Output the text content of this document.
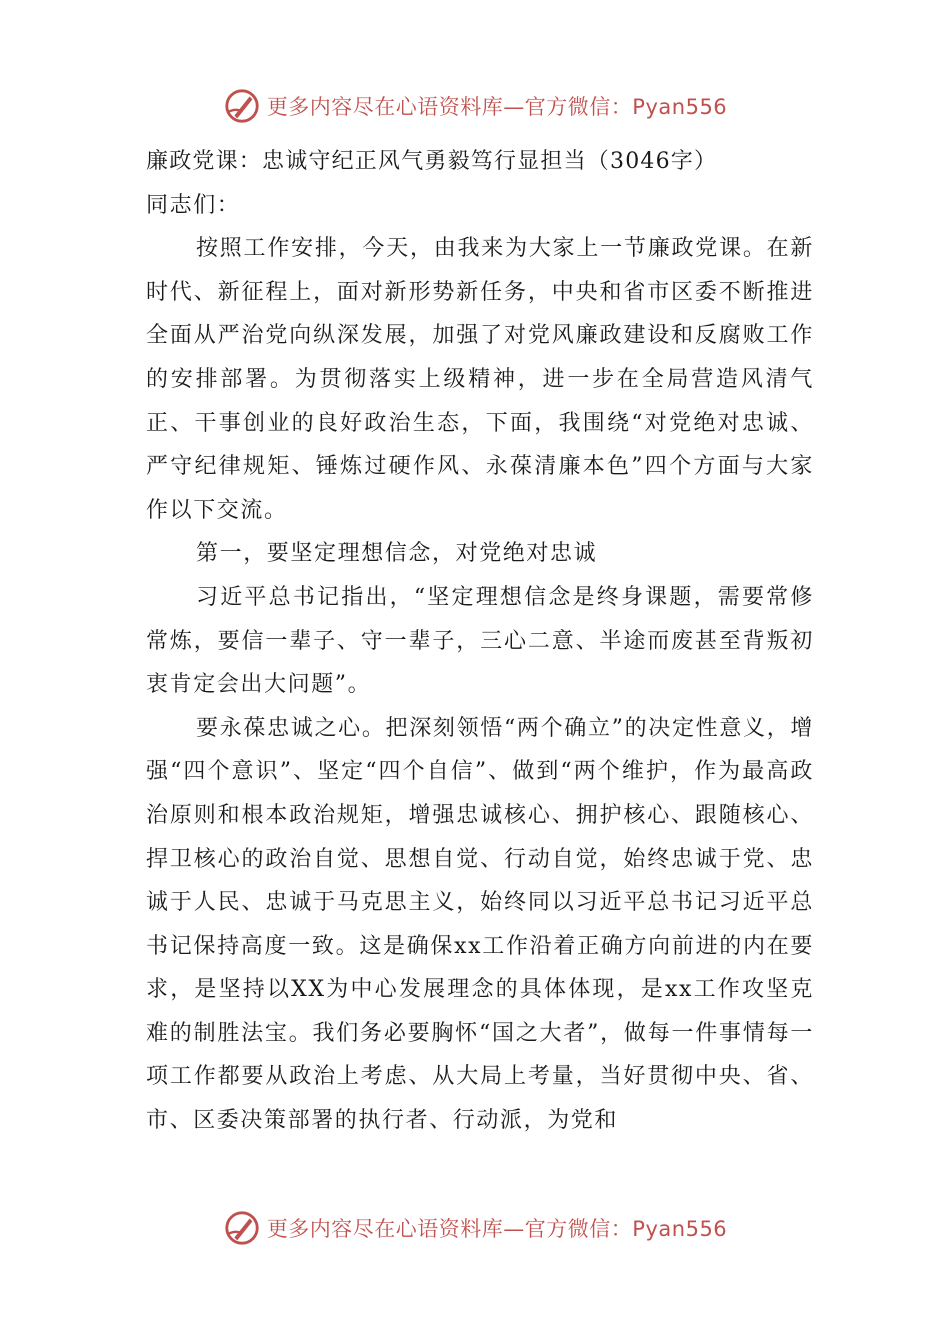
更多内容尽在心语资料库—官方微信：Pyan556

廉政党课：忠诚守纪正风气勇毅笃行显担当（3046字）

同志们：

按照工作安排，今天，由我来为大家上一节廉政党课。在新时代、新征程上，面对新形势新任务，中央和省市区委不断推进全面从严治党向纵深发展，加强了对党风廉政建设和反腐败工作的安排部署。为贯彻落实上级精神，进一步在全局营造风清气正、干事创业的良好政治生态，下面，我围绕“对党绝对忠诚、严守纪律规矩、锤炼过硬作风、永葆清廉本色”四个方面与大家作以下交流。

第一，要坚定理想信念，对党绝对忠诚

习近平总书记指出，“坚定理想信念是终身课题，需要常修常炼，要信一辈子、守一辈子，三心二意、半途而废甚至背叛初衷肯定会出大问题”。

要永葆忠诚之心。把深刻领悟“两个确立”的决定性意义，增强“四个意识”、坚定“四个自信”、做到“两个维护，作为最高政治原则和根本政治规矩，增强忠诚核心、拥护核心、跟随核心、捍卫核心的政治自觉、思想自觉、行动自觉，始终忠诚于党、忠诚于人民、忠诚于马克思主义，始终同以习近平总书记习近平总书记保持高度一致。这是确保xx工作沿着正确方向前进的内在要求，是坚持以XX为中心发展理念的具体体现，是xx工作攻坚克难的制胜法宝。我们务必要胸怀“国之大者”，做每一件事情每一项工作都要从政治上考虑、从大局上考量，当好贯彻中央、省、市、区委决策部署的执行者、行动派，为党和

更多内容尽在心语资料库—官方微信：Pyan556
